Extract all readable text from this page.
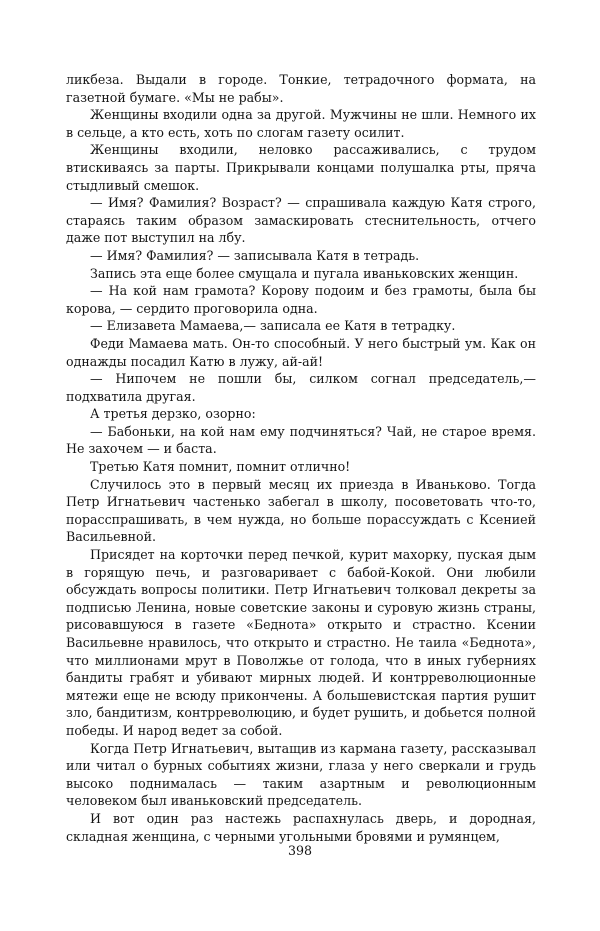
ликбеза. Выдали в городе. Тонкие, тетрадочного формата, на газетной бумаге. «Мы не рабы».

Женщины входили одна за другой. Мужчины не шли. Немного их в сельце, а кто есть, хоть по слогам газету осилит.

Женщины входили, неловко рассаживались, с трудом втискиваясь за парты. Прикрывали концами полушалка рты, пряча стыдливый смешок.

— Имя? Фамилия? Возраст? — спрашивала каждую Катя строго, стараясь таким образом замаскировать стеснительность, отчего даже пот выступил на лбу.

— Имя? Фамилия? — записывала Катя в тетрадь.

Запись эта еще более смущала и пугала иваньковских женщин.

— На кой нам грамота? Корову подоим и без грамоты, была бы корова, — сердито проговорила одна.

— Елизавета Мамаева,— записала ее Катя в тетрадку.

Феди Мамаева мать. Он-то способный. У него быстрый ум. Как он однажды посадил Катю в лужу, ай-ай!

— Нипочем не пошли бы, силком согнал председатель,— подхватила другая.

А третья дерзко, озорно:

— Бабоньки, на кой нам ему подчиняться? Чай, не старое время. Не захочем — и баста.

Третью Катя помнит, помнит отлично!

Случилось это в первый месяц их приезда в Иваньково. Тогда Петр Игнатьевич частенько забегал в школу, посоветовать что-то, порасспрашивать, в чем нужда, но больше порассуждать с Ксенией Васильевной.

Присядет на корточки перед печкой, курит махорку, пуская дым в горящую печь, и разговаривает с бабой-Кокой. Они любили обсуждать вопросы политики. Петр Игнатьевич толковал декреты за подписью Ленина, новые советские законы и суровую жизнь страны, рисовавшуюся в газете «Беднота» открыто и страстно. Ксении Васильевне нравилось, что открыто и страстно. Не таила «Беднота», что миллионами мрут в Поволжье от голода, что в иных губерниях бандиты грабят и убивают мирных людей. И контрреволюционные мятежи еще не всюду прикончены. А большевистская партия рушит зло, бандитизм, контрреволюцию, и будет рушить, и добьется полной победы. И народ ведет за собой.

Когда Петр Игнатьевич, вытащив из кармана газету, рассказывал или читал о бурных событиях жизни, глаза у него сверкали и грудь высоко поднималась — таким азартным и революционным человеком был иваньковский председатель.

И вот один раз настежь распахнулась дверь, и дородная, складная женщина, с черными угольными бровями и румянцем,

398
